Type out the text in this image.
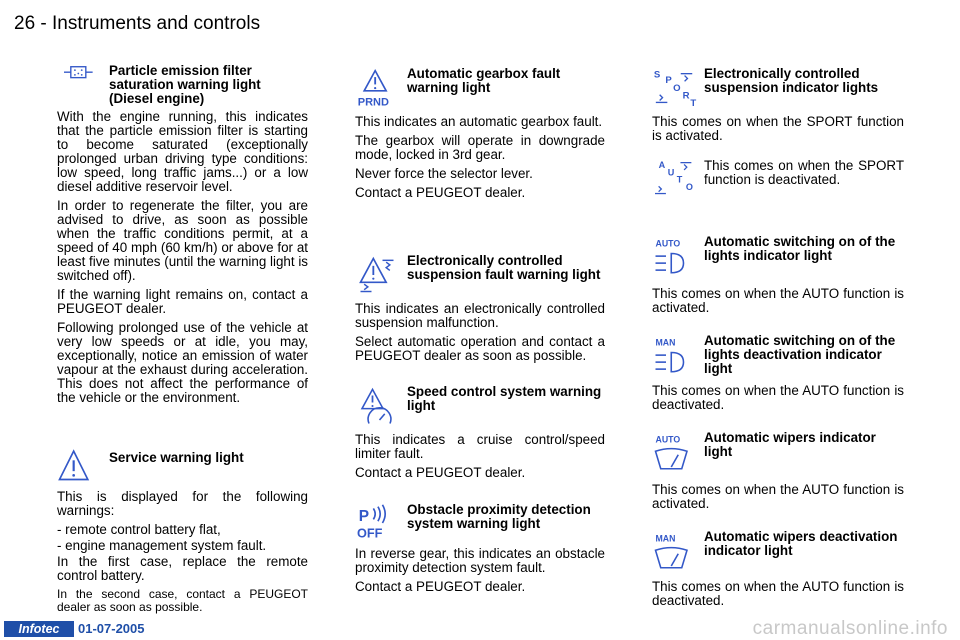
26 - Instruments and controls
Particle emission filter saturation warning light (Diesel engine)

With the engine running, this indicates that the particle emission filter is starting to become saturated (exceptionally prolonged urban driving type conditions: low speed, long traffic jams...) or a low diesel additive reservoir level.

In order to regenerate the filter, you are advised to drive, as soon as possible when the traffic conditions permit, at a speed of 40 mph (60 km/h) or above for at least five minutes (until the warning light is switched off).

If the warning light remains on, contact a PEUGEOT dealer.

Following prolonged use of the vehicle at very low speeds or at idle, you may, exceptionally, notice an emission of water vapour at the exhaust during acceleration. This does not affect the performance of the vehicle or the environment.

Service warning light

This is displayed for the following warnings:

- remote control battery flat,

- engine management system fault.

In the first case, replace the remote control battery.

In the second case, contact a PEUGEOT dealer as soon as possible.

PRND
Automatic gearbox fault warning light

This indicates an automatic gearbox fault.

The gearbox will operate in downgrade mode, locked in 3rd gear.

Never force the selector lever.

Contact a PEUGEOT dealer.

Electronically controlled suspension fault warning light

This indicates an electronically controlled suspension malfunction.

Select automatic operation and contact a PEUGEOT dealer as soon as possible.

Speed control system warning light

This indicates a cruise control/speed limiter fault.

Contact a PEUGEOT dealer.

P
OFF
Obstacle proximity detection system warning light

In reverse gear, this indicates an obstacle proximity detection system fault.

Contact a PEUGEOT dealer.

S
P
O
R
T
Electronically controlled suspension indicator lights

This comes on when the SPORT function is activated.

A
U
T
O
This comes on when the SPORT function is deactivated.
AUTO Automatic switching on of the lights indicator light

This comes on when the AUTO function is activated.

MAN Automatic switching on of the lights deactivation indicator light

This comes on when the AUTO function is deactivated.

AUTO Automatic wipers indicator light

This comes on when the AUTO function is activated.

MAN Automatic wipers deactivation indicator light

This comes on when the AUTO function is deactivated.

Infotec	01-07-2005	carmanualsonline.info
